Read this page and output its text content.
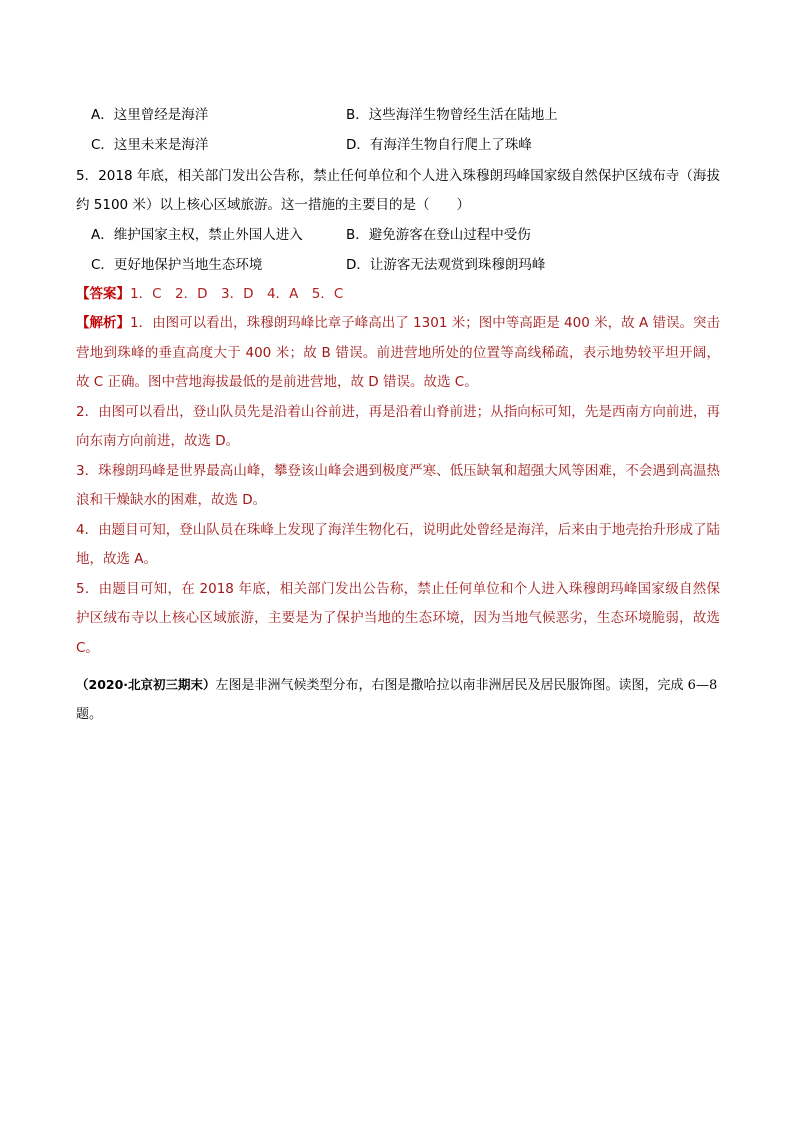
A．这里曾经是海洋	B．这些海洋生物曾经生活在陆地上
C．这里未来是海洋	D．有海洋生物自行爬上了珠峰
5．2018 年底，相关部门发出公告称，禁止任何单位和个人进入珠穆朗玛峰国家级自然保护区绒布寺（海拔约 5100 米）以上核心区域旅游。这一措施的主要目的是（　　）
A．维护国家主权，禁止外国人进入	B．避免游客在登山过程中受伤
C．更好地保护当地生态环境	D．让游客无法观赏到珠穆朗玛峰
【答案】1．C　2．D　3．D　4．A　5．C

【解析】1．由图可以看出，珠穆朗玛峰比章子峰高出了 1301 米；图中等高距是 400 米，故 A 错误。突击营地到珠峰的垂直高度大于 400 米；故 B 错误。前进营地所处的位置等高线稀疏，表示地势较平坦开阔，故 C 正确。图中营地海拔最低的是前进营地，故 D 错误。故选 C。

2．由图可以看出，登山队员先是沿着山谷前进，再是沿着山脊前进；从指向标可知，先是西南方向前进，再向东南方向前进，故选 D。

3．珠穆朗玛峰是世界最高山峰，攀登该山峰会遇到极度严寒、低压缺氧和超强大风等困难，不会遇到高温热浪和干燥缺水的困难，故选 D。

4．由题目可知，登山队员在珠峰上发现了海洋生物化石，说明此处曾经是海洋，后来由于地壳抬升形成了陆地，故选 A。

5．由题目可知，在 2018 年底，相关部门发出公告称，禁止任何单位和个人进入珠穆朗玛峰国家级自然保护区绒布寺以上核心区域旅游，主要是为了保护当地的生态环境，因为当地气候恶劣，生态环境脆弱，故选 C。

（2020·北京初三期末）左图是非洲气候类型分布，右图是撒哈拉以南非洲居民及居民服饰图。读图，完成 6—8 题。
